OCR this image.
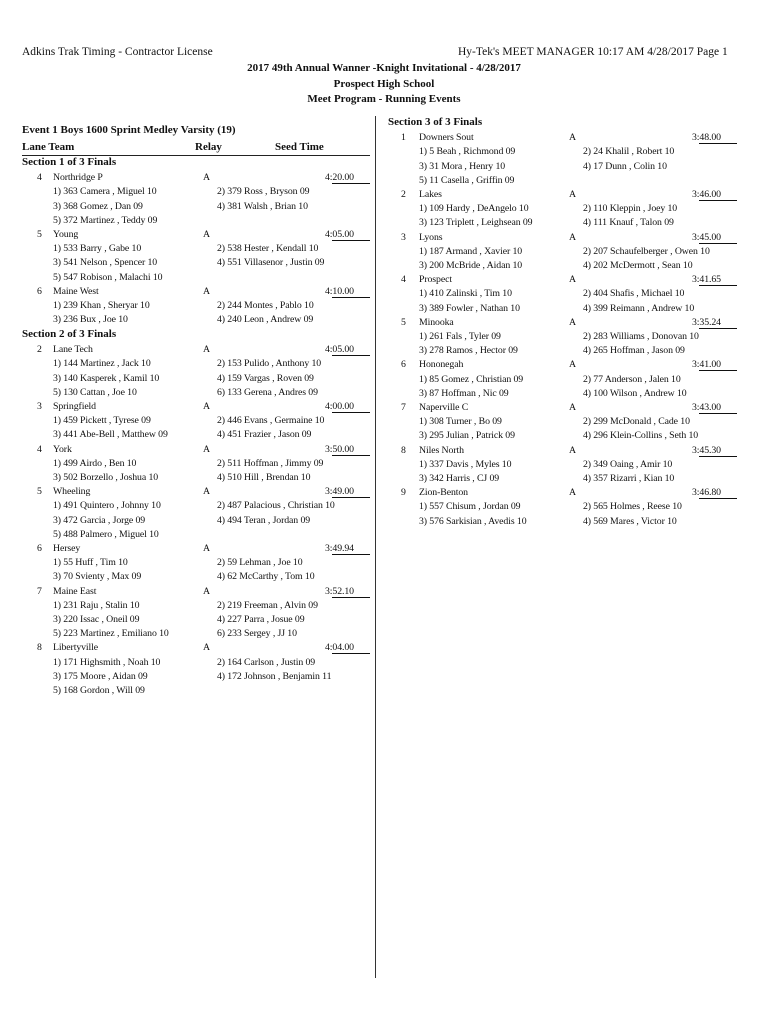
Adkins Trak Timing - Contractor License	Hy-Tek's MEET MANAGER 10:17 AM 4/28/2017 Page 1
2017 49th Annual Wanner -Knight Invitational - 4/28/2017
Prospect High School
Meet Program - Running Events
Event 1 Boys 1600 Sprint Medley Varsity (19)
Lane Team	Relay	Seed Time
Section 1 of 3 Finals
4 Northridge P	A	4:20.00
1) 363 Camera , Miguel 10	2) 379 Ross , Bryson 09
3) 368 Gomez , Dan 09	4) 381 Walsh , Brian 10
5) 372 Martinez , Teddy 09
5 Young	A	4:05.00
1) 533 Barry , Gabe 10	2) 538 Hester , Kendall 10
3) 541 Nelson , Spencer 10	4) 551 Villasenor , Justin 09
5) 547 Robison , Malachi 10
6 Maine West	A	4:10.00
1) 239 Khan , Sheryar 10	2) 244 Montes , Pablo 10
3) 236 Bux , Joe 10	4) 240 Leon , Andrew 09
Section 2 of 3 Finals
2 Lane Tech	A	4:05.00
1) 144 Martinez , Jack 10	2) 153 Pulido , Anthony 10
3) 140 Kasperek , Kamil 10	4) 159 Vargas , Roven 09
5) 130 Cattan , Joe 10	6) 133 Gerena , Andres 09
3 Springfield	A	4:00.00
1) 459 Pickett , Tyrese 09	2) 446 Evans , Germaine 10
3) 441 Abe-Bell , Matthew 09	4) 451 Frazier , Jason 09
4 York	A	3:50.00
1) 499 Airdo , Ben 10	2) 511 Hoffman , Jimmy 09
3) 502 Borzello , Joshua 10	4) 510 Hill , Brendan 10
5 Wheeling	A	3:49.00
1) 491 Quintero , Johnny 10	2) 487 Palacious , Christian 10
3) 472 Garcia , Jorge 09	4) 494 Teran , Jordan 09
5) 488 Palmero , Miguel 10
6 Hersey	A	3:49.94
1) 55 Huff , Tim 10	2) 59 Lehman , Joe 10
3) 70 Svienty , Max 09	4) 62 McCarthy , Tom 10
7 Maine East	A	3:52.10
1) 231 Raju , Stalin 10	2) 219 Freeman , Alvin 09
3) 220 Issac , Oneil 09	4) 227 Parra , Josue 09
5) 223 Martinez , Emiliano 10	6) 233 Sergey , JJ 10
8 Libertyville	A	4:04.00
1) 171 Highsmith , Noah 10	2) 164 Carlson , Justin 09
3) 175 Moore , Aidan 09	4) 172 Johnson , Benjamin 11
5) 168 Gordon , Will 09
Section 3 of 3 Finals
1 Downers Sout	A	3:48.00
1) 5 Beah , Richmond 09	2) 24 Khalil , Robert 10
3) 31 Mora , Henry 10	4) 17 Dunn , Colin 10
5) 11 Casella , Griffin 09
2 Lakes	A	3:46.00
1) 109 Hardy , DeAngelo 10	2) 110 Kleppin , Joey 10
3) 123 Triplett , Leighsean 09	4) 111 Knauf , Talon 09
3 Lyons	A	3:45.00
1) 187 Armand , Xavier 10	2) 207 Schaufelberger , Owen 10
3) 200 McBride , Aidan 10	4) 202 McDermott , Sean 10
4 Prospect	A	3:41.65
1) 410 Zalinski , Tim 10	2) 404 Shafis , Michael 10
3) 389 Fowler , Nathan 10	4) 399 Reimann , Andrew 10
5 Minooka	A	3:35.24
1) 261 Fals , Tyler 09	2) 283 Williams , Donovan 10
3) 278 Ramos , Hector 09	4) 265 Hoffman , Jason 09
6 Hononegah	A	3:41.00
1) 85 Gomez , Christian 09	2) 77 Anderson , Jalen 10
3) 87 Hoffman , Nic 09	4) 100 Wilson , Andrew 10
7 Naperville C	A	3:43.00
1) 308 Turner , Bo 09	2) 299 McDonald , Cade 10
3) 295 Julian , Patrick 09	4) 296 Klein-Collins , Seth 10
8 Niles North	A	3:45.30
1) 337 Davis , Myles 10	2) 349 Oaing , Amir 10
3) 342 Harris , CJ 09	4) 357 Rizarri , Kian 10
9 Zion-Benton	A	3:46.80
1) 557 Chisum , Jordan 09	2) 565 Holmes , Reese 10
3) 576 Sarkisian , Avedis 10	4) 569 Mares , Victor 10
